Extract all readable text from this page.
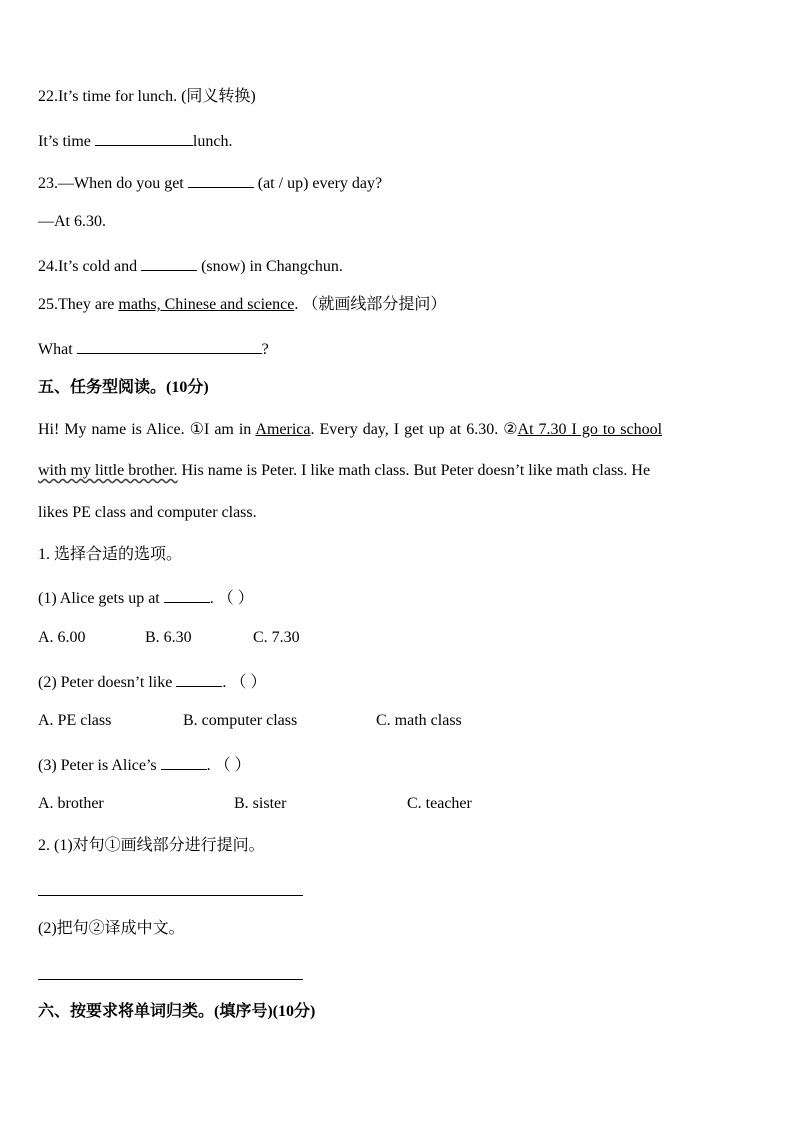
22.It’s time for lunch. (同义转换)
It’s time	lunch.
23.—When do you get	(at / up) every day?
—At 6.30.
24.It’s cold and	(snow) in Changchun.
25.They are maths, Chinese and science. （就画线部分提问）
What	?
五、任务型阅读。(10分)
Hi! My name is Alice. ①I am in America. Every day, I get up at 6.30. ②At 7.30 I go to school
with my little brother. His name is Peter. I like math class. But Peter doesn’t like math class. He
likes PE class and computer class.
1. 选择合适的选项。
(1) Alice gets up at	. （ ）
A. 6.00	B. 6.30	C. 7.30
(2) Peter doesn’t like	. （ ）
A. PE class	B. computer class	C. math class
(3) Peter is Alice’s	. （ ）
A. brother	B. sister	C. teacher
2. (1)对句①画线部分进行提问。
(2)把句②译成中文。
六、按要求将单词归类。(填序号)(10分)
